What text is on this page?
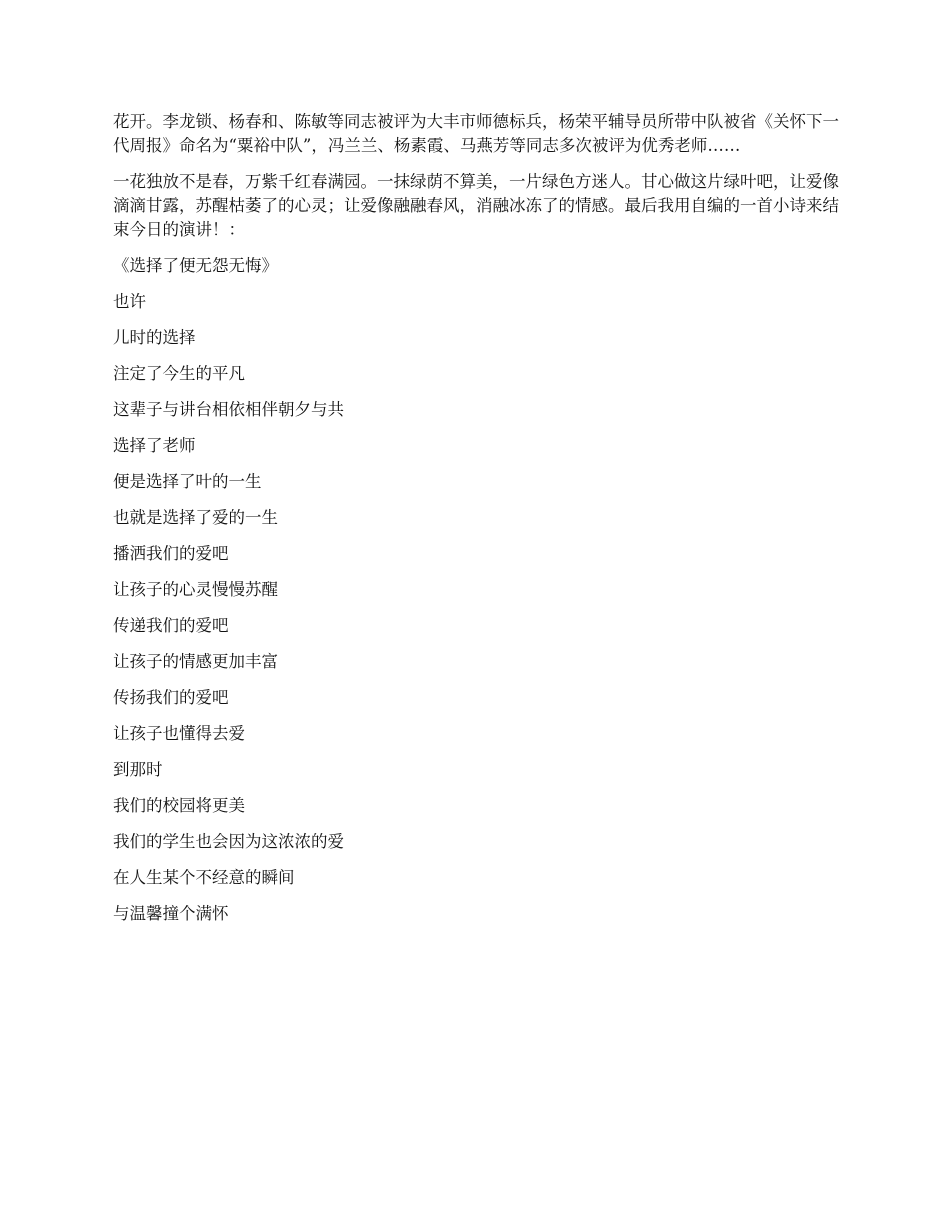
花开。李龙锁、杨春和、陈敏等同志被评为大丰市师德标兵，杨荣平辅导员所带中队被省《关怀下一代周报》命名为“粟裕中队”，冯兰兰、杨素霞、马燕芳等同志多次被评为优秀老师……

一花独放不是春，万紫千红春满园。一抹绿荫不算美，一片绿色方迷人。甘心做这片绿叶吧，让爱像滴滴甘露，苏醒枯萎了的心灵；让爱像融融春风，消融冰冻了的情感。最后我用自编的一首小诗来结束今日的演讲！：

《选择了便无怨无悔》

也许

儿时的选择

注定了今生的平凡

这辈子与讲台相依相伴朝夕与共

选择了老师

便是选择了叶的一生

也就是选择了爱的一生

播洒我们的爱吧

让孩子的心灵慢慢苏醒

传递我们的爱吧

让孩子的情感更加丰富

传扬我们的爱吧

让孩子也懂得去爱

到那时

我们的校园将更美

我们的学生也会因为这浓浓的爱

在人生某个不经意的瞬间

与温馨撞个满怀
